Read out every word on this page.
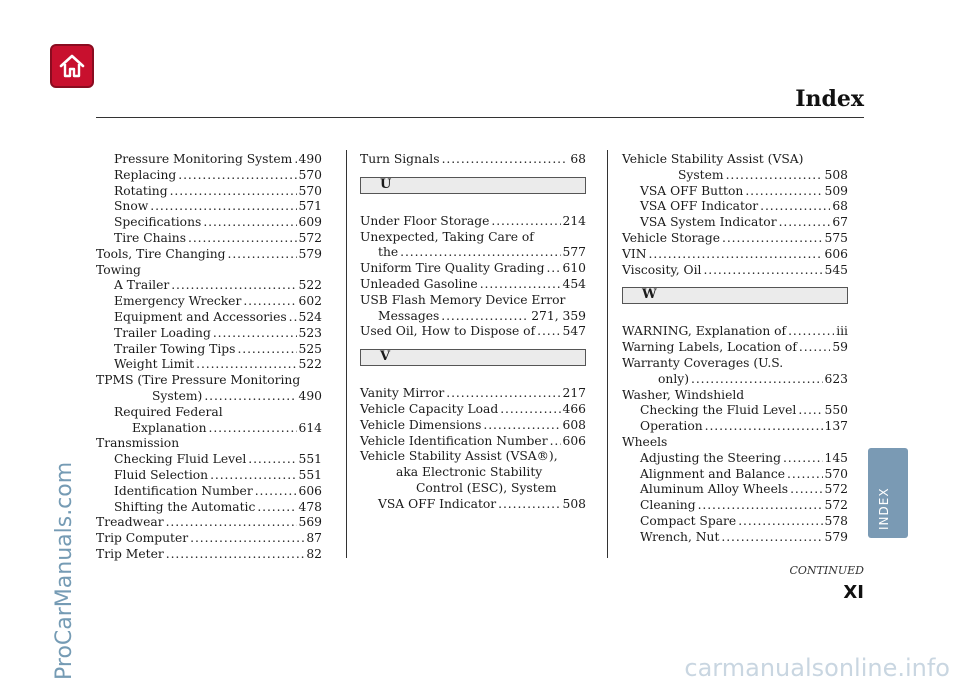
Index
Pressure Monitoring System . . . 490
Replacing . . .	570
Rotating . . .	570
Snow . . .	571
Specifications . . .	609
Tire Chains . . .	572
Tools, Tire Changing . . .	579
Towing
A Trailer . . .	522
Emergency Wrecker . . .	602
Equipment and Accessories . . . 524
Trailer Loading . . .	523
Trailer Towing Tips . . .	525
Weight Limit . . .	522
TPMS (Tire Pressure Monitoring
System) . . .	490
Required Federal
Explanation . . .	614
Transmission
Checking Fluid Level . . .	551
Fluid Selection . . .	551
Identification Number . . .	606
Shifting the Automatic . . .	478
Treadwear . . .	569
Trip Computer . . .	87
Trip Meter . . .	82
Turn Signals . . .	68
U
Under Floor Storage . . .	214
Unexpected, Taking Care of
the . . .	577
Uniform Tire Quality Grading . . . 610
Unleaded Gasoline . . .	454
USB Flash Memory Device Error
Messages . . .	271, 359
Used Oil, How to Dispose of . . . 547
V
Vanity Mirror . . .	217
Vehicle Capacity Load . . .	466
Vehicle Dimensions . . .	608
Vehicle Identification Number . . . 606
Vehicle Stability Assist (VSA®),
aka Electronic Stability
Control (ESC), System
VSA OFF Indicator . . .	508
Vehicle Stability Assist (VSA)
System . . .	508
VSA OFF Button . . .	509
VSA OFF Indicator . . .	68
VSA System Indicator . . .	67
Vehicle Storage . . .	575
VIN . . .	606
Viscosity, Oil . . .	545
W
WARNING, Explanation of . . .	iii
Warning Labels, Location of . . .	59
Warranty Coverages (U.S.
only) . . .	623
Washer, Windshield
Checking the Fluid Level . . . 550
Operation . . .	137
Wheels
Adjusting the Steering . . .	145
Alignment and Balance . . .	570
Aluminum Alloy Wheels . . .	572
Cleaning . . .	572
Compact Spare . . .	578
Wrench, Nut . . .	579
INDEX
CONTINUED
XI
ProCarManuals.com	carmanualsonline.info
